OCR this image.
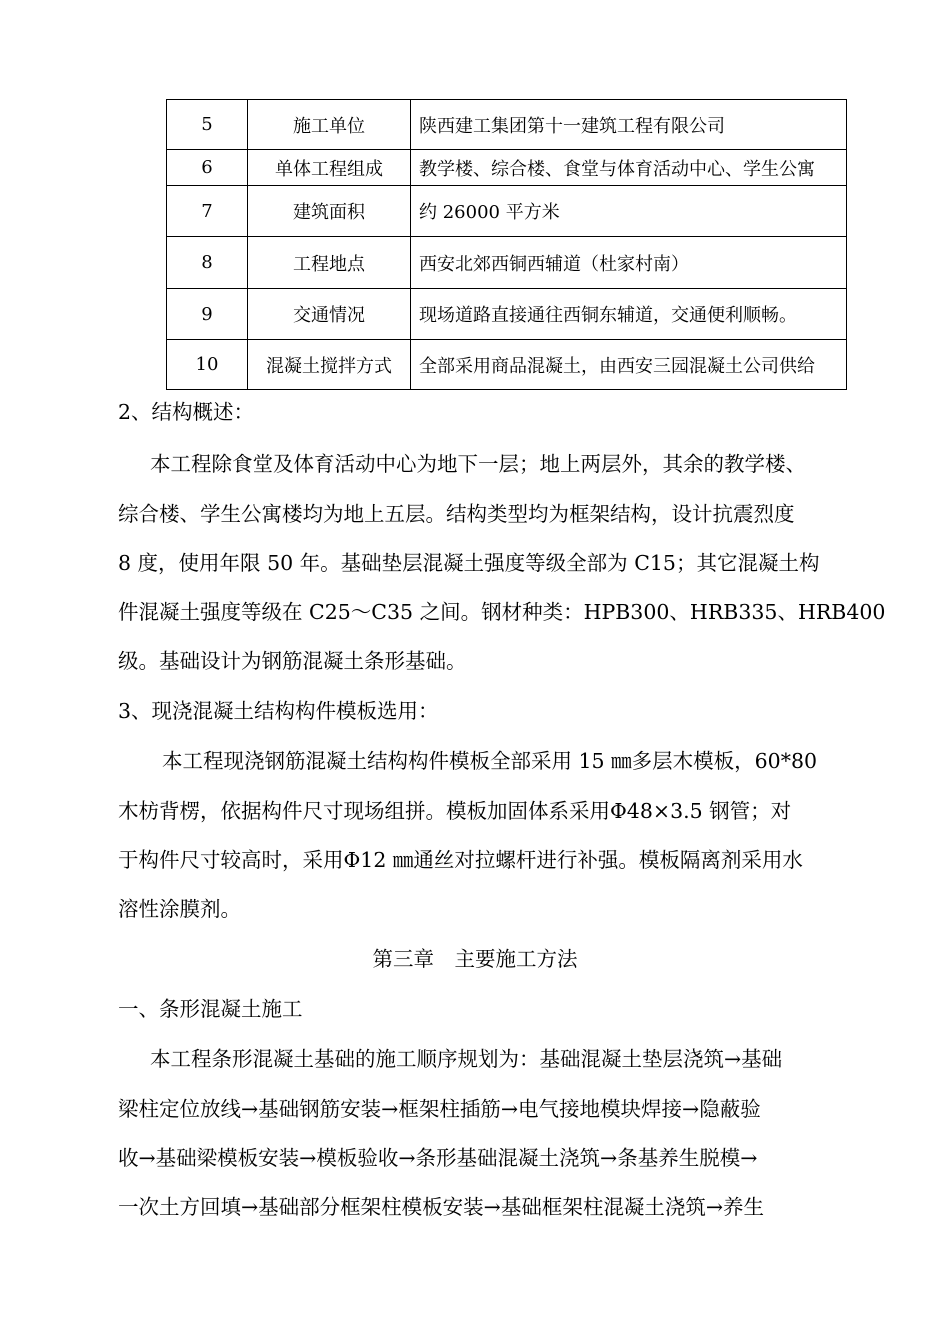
5	施工单位	陕西建工集团第十一建筑工程有限公司
6	单体工程组成	教学楼、综合楼、食堂与体育活动中心、学生公寓
7	建筑面积	约 26000 平方米
8	工程地点	西安北郊西铜西辅道（杜家村南）
9	交通情况	现场道路直接通往西铜东辅道，交通便利顺畅。
10	混凝土搅拌方式	全部采用商品混凝土，由西安三园混凝土公司供给
2、结构概述：
本工程除食堂及体育活动中心为地下一层；地上两层外，其余的教学楼、
综合楼、学生公寓楼均为地上五层。结构类型均为框架结构，设计抗震烈度
8 度，使用年限 50 年。基础垫层混凝土强度等级全部为 C15；其它混凝土构
件混凝土强度等级在 C25～C35 之间。钢材种类：HPB300、HRB335、HRB400
级。基础设计为钢筋混凝土条形基础。
3、现浇混凝土结构构件模板选用：
本工程现浇钢筋混凝土结构构件模板全部采用 15 ㎜多层木模板，60*80
木枋背楞，依据构件尺寸现场组拼。模板加固体系采用Φ48×3.5 钢管；对
于构件尺寸较高时，采用Φ12 ㎜通丝对拉螺杆进行补强。模板隔离剂采用水
溶性涂膜剂。
第三章　主要施工方法
一、条形混凝土施工
本工程条形混凝土基础的施工顺序规划为：基础混凝土垫层浇筑→基础
梁柱定位放线→基础钢筋安装→框架柱插筋→电气接地模块焊接→隐蔽验
收→基础梁模板安装→模板验收→条形基础混凝土浇筑→条基养生脱模→
一次土方回填→基础部分框架柱模板安装→基础框架柱混凝土浇筑→养生
